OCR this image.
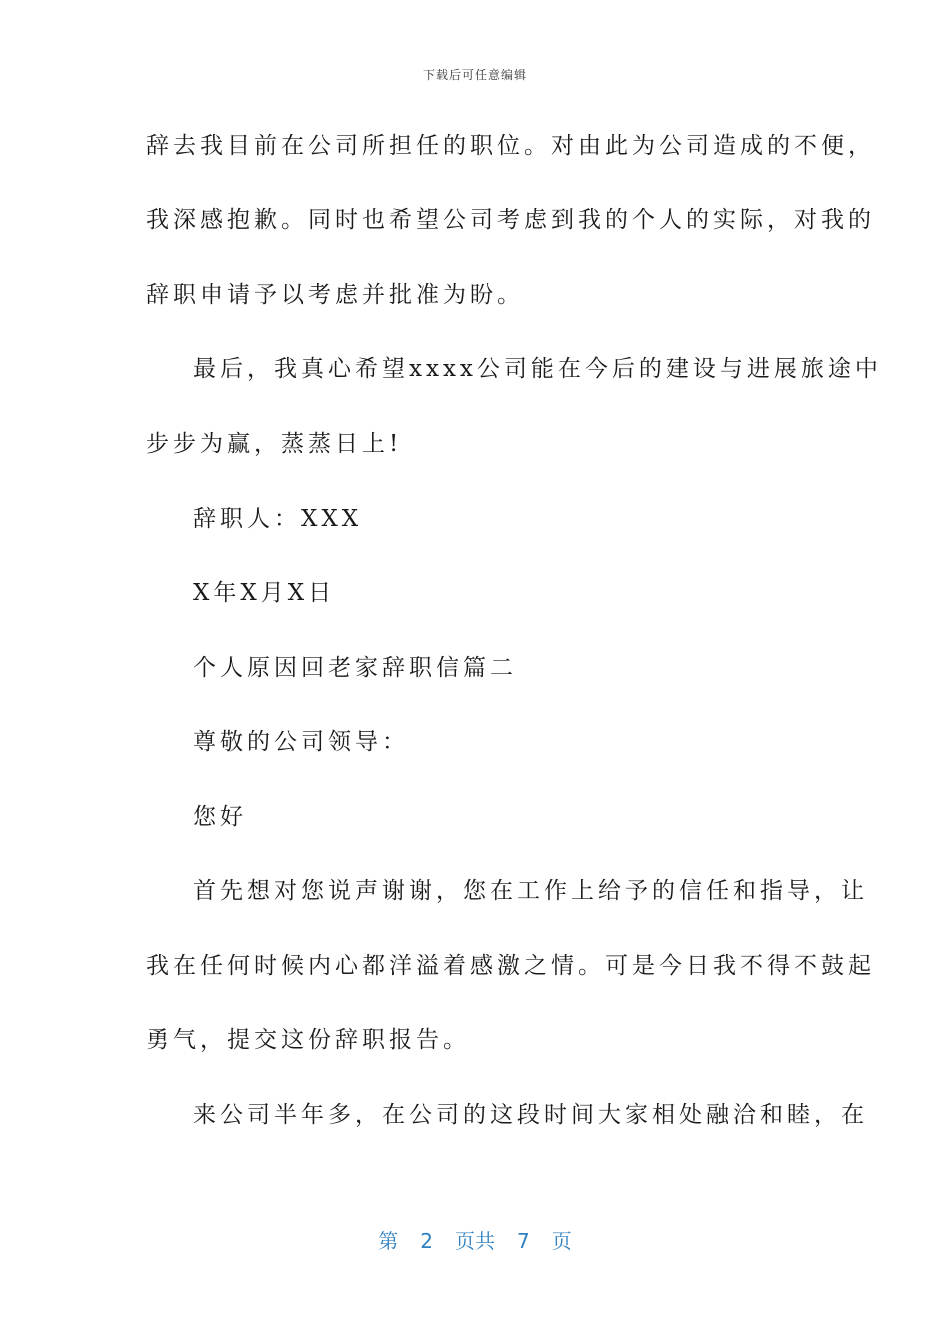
下载后可任意编辑
辞去我目前在公司所担任的职位。对由此为公司造成的不便，
我深感抱歉。同时也希望公司考虑到我的个人的实际，对我的
辞职申请予以考虑并批准为盼。
最后，我真心希望xxxx公司能在今后的建设与进展旅途中
步步为赢，蒸蒸日上!
辞职人：XXX
X年X月X日
个人原因回老家辞职信篇二
尊敬的公司领导：
您好
首先想对您说声谢谢，您在工作上给予的信任和指导，让
我在任何时候内心都洋溢着感激之情。可是今日我不得不鼓起
勇气，提交这份辞职报告。
来公司半年多，在公司的这段时间大家相处融洽和睦，在
第 2 页共 7 页
